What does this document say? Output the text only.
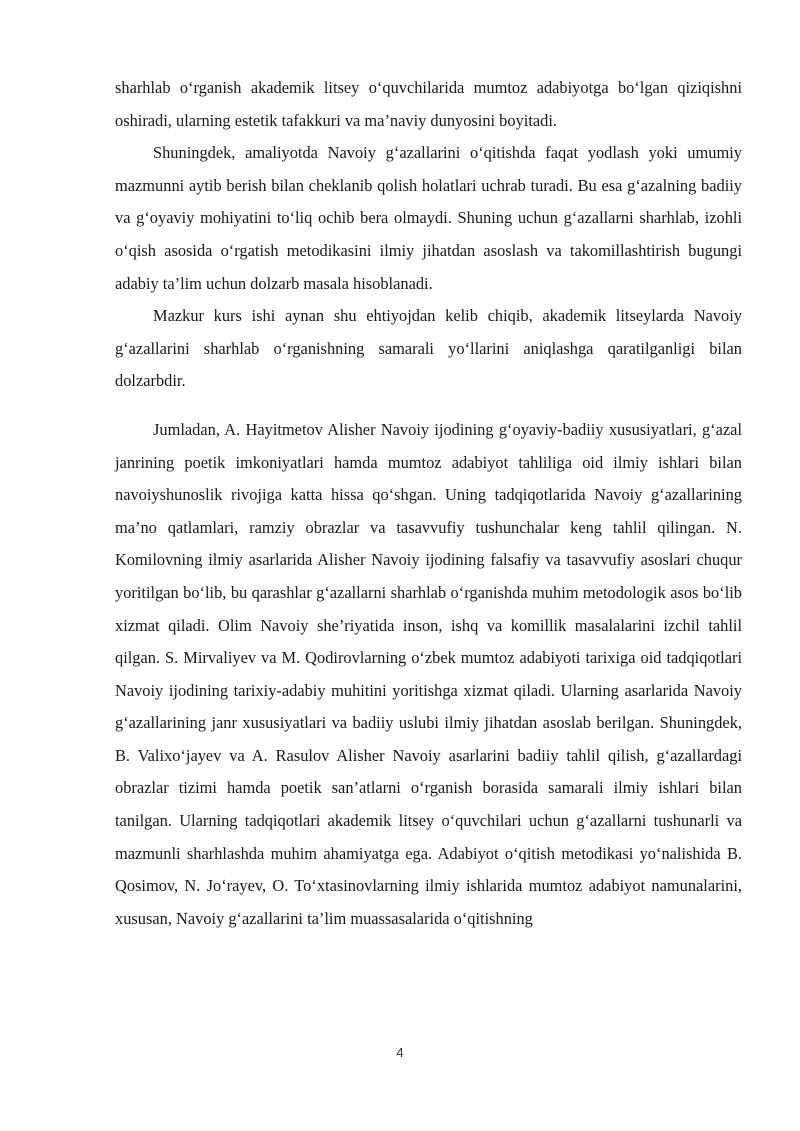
sharhlab o‘rganish akademik litsey o‘quvchilarida mumtoz adabiyotga bo‘lgan qiziqishni oshiradi, ularning estetik tafakkuri va ma’naviy dunyosini boyitadi.

Shuningdek, amaliyotda Navoiy g‘azallarini o‘qitishda faqat yodlash yoki umumiy mazmunni aytib berish bilan cheklanib qolish holatlari uchrab turadi. Bu esa g‘azalning badiiy va g‘oyaviy mohiyatini to‘liq ochib bera olmaydi. Shuning uchun g‘azallarni sharhlab, izohli o‘qish asosida o‘rgatish metodikasini ilmiy jihatdan asoslash va takomillashtirish bugungi adabiy ta’lim uchun dolzarb masala hisoblanadi.

Mazkur kurs ishi aynan shu ehtiyojdan kelib chiqib, akademik litseylarda Navoiy g‘azallarini sharhlab o‘rganishning samarali yo‘llarini aniqlashga qaratilganligi bilan dolzarbdir.

Jumladan, A. Hayitmetov Alisher Navoiy ijodining g‘oyaviy-badiiy xususiyatlari, g‘azal janrining poetik imkoniyatlari hamda mumtoz adabiyot tahliliga oid ilmiy ishlari bilan navoiyshunoslik rivojiga katta hissa qo‘shgan. Uning tadqiqotlarida Navoiy g‘azallarining ma’no qatlamlari, ramziy obrazlar va tasavvufiy tushunchalar keng tahlil qilingan. N. Komilovning ilmiy asarlarida Alisher Navoiy ijodining falsafiy va tasavvufiy asoslari chuqur yoritilgan bo‘lib, bu qarashlar g‘azallarni sharhlab o‘rganishda muhim metodologik asos bo‘lib xizmat qiladi. Olim Navoiy she’riyatida inson, ishq va komillik masalalarini izchil tahlil qilgan. S. Mirvaliyev va M. Qodirovlarning o‘zbek mumtoz adabiyoti tarixiga oid tadqiqotlari Navoiy ijodining tarixiy-adabiy muhitini yoritishga xizmat qiladi. Ularning asarlarida Navoiy g‘azallarining janr xususiyatlari va badiiy uslubi ilmiy jihatdan asoslab berilgan. Shuningdek, B. Valixo‘jayev va A. Rasulov Alisher Navoiy asarlarini badiiy tahlil qilish, g‘azallardagi obrazlar tizimi hamda poetik san’atlarni o‘rganish borasida samarali ilmiy ishlari bilan tanilgan. Ularning tadqiqotlari akademik litsey o‘quvchilari uchun g‘azallarni tushunarli va mazmunli sharhlashda muhim ahamiyatga ega. Adabiyot o‘qitish metodikasi yo‘nalishida B. Qosimov, N. Jo‘rayev, O. To‘xtasinovlarning ilmiy ishlarida mumtoz adabiyot namunalarini, xususan, Navoiy g‘azallarini ta’lim muassasalarida o‘qitishning

4
